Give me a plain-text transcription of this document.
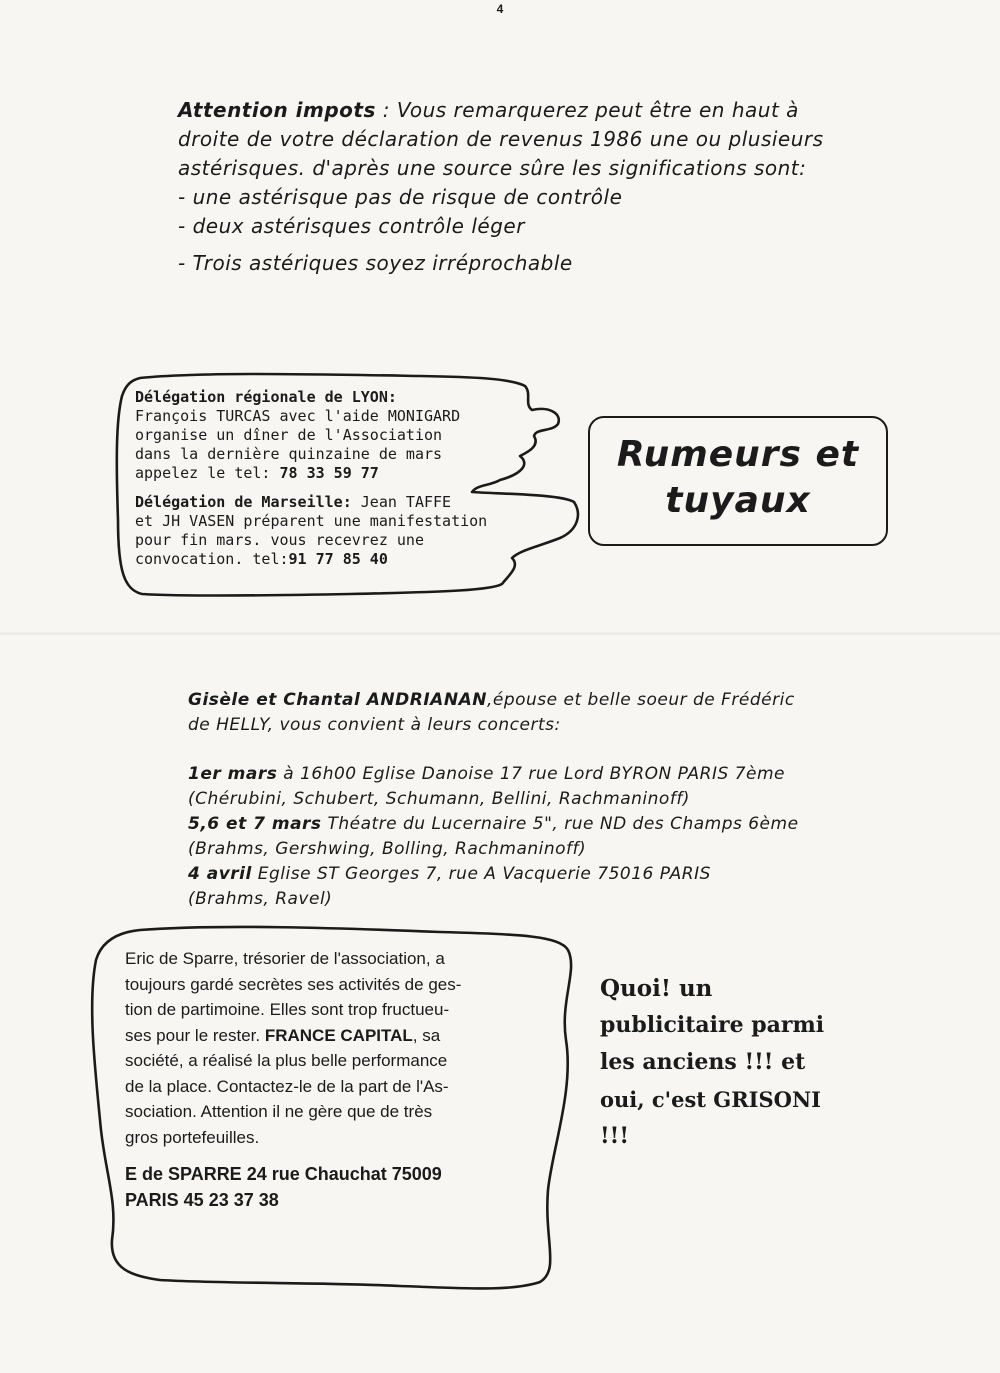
4
Attention impots : Vous remarquerez peut être en haut à
droite de votre déclaration de revenus 1986 une ou plusieurs
astérisques. d'après une source sûre les significations sont:
- une astérisque pas de risque de contrôle
- deux astérisques contrôle léger
- Trois astériques soyez irréprochable
Délégation régionale de LYON:
François TURCAS avec l'aide MONIGARD
organise un dîner de l'Association
dans la dernière quinzaine de mars
appelez le tel: 78 33 59 77
Délégation de Marseille: Jean TAFFE
et JH VASEN préparent une manifestation
pour fin mars. vous recevrez une
convocation. tel:91 77 85 40
Rumeurs et
tuyaux
Gisèle et Chantal ANDRIANAN,épouse et belle soeur de Frédéric
de HELLY, vous convient à leurs concerts:
1er mars à 16h00 Eglise Danoise 17 rue Lord BYRON PARIS 7ème
(Chérubini, Schubert, Schumann, Bellini, Rachmaninoff)
5,6 et 7 mars Théatre du Lucernaire 5", rue ND des Champs 6ème
(Brahms, Gershwing, Bolling, Rachmaninoff)
4 avril Eglise ST Georges 7, rue A Vacquerie 75016 PARIS
(Brahms, Ravel)
Eric de Sparre, trésorier de l'association, a
toujours gardé secrètes ses activités de ges-
tion de partimoine. Elles sont trop fructueu-
ses pour le rester. FRANCE CAPITAL, sa
société, a réalisé la plus belle performance
de la place. Contactez-le de la part de l'As-
sociation. Attention il ne gère que de très
gros portefeuilles.
E de SPARRE 24 rue Chauchat 75009
PARIS 45 23 37 38
Quoi! un
publicitaire parmi
les anciens !!! et
oui, c'est GRISONI
!!!
